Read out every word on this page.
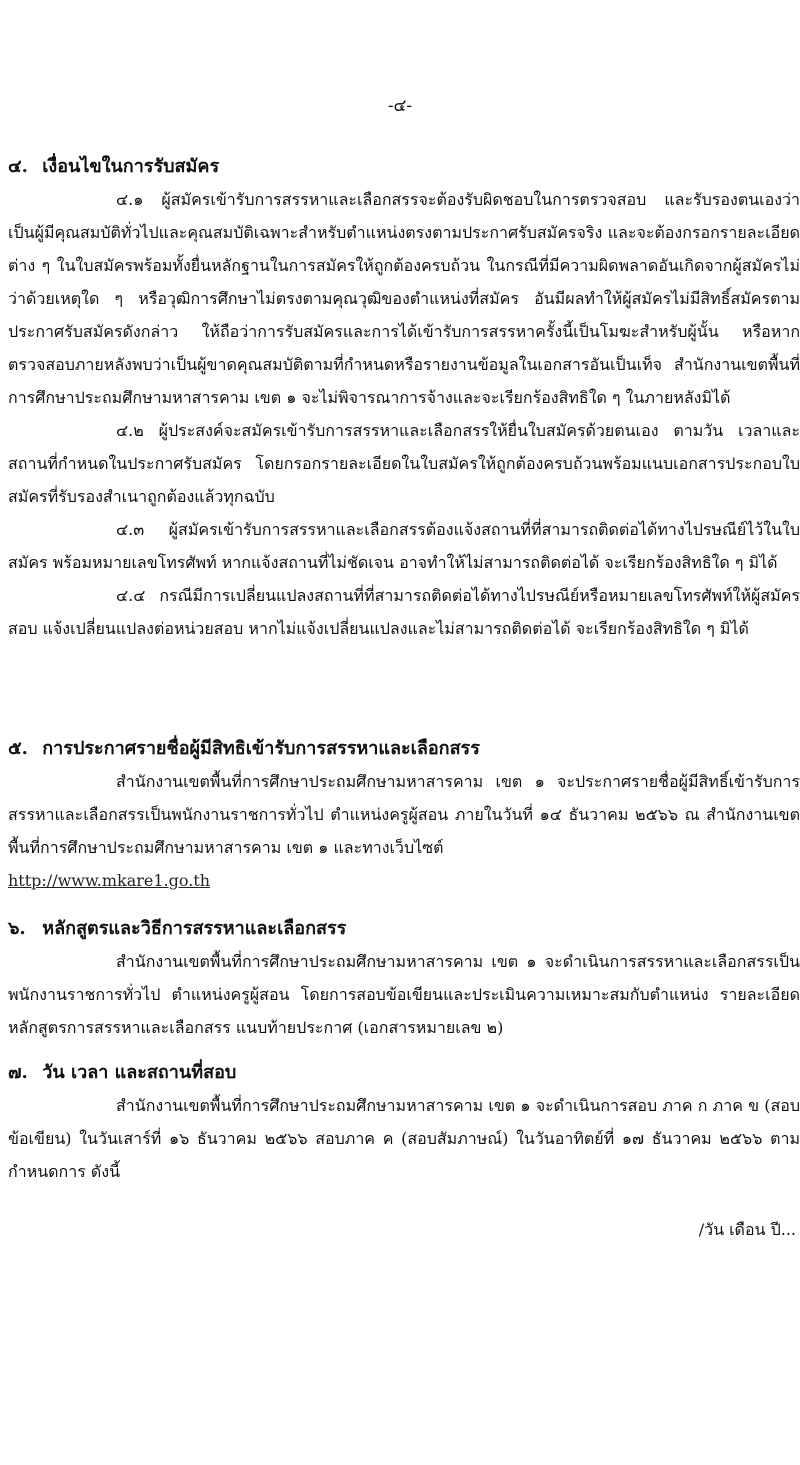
-๔-
๔. เงื่อนไขในการรับสมัคร
๔.๑ ผู้สมัครเข้ารับการสรรหาและเลือกสรรจะต้องรับผิดชอบในการตรวจสอบ และรับรองตนเองว่าเป็นผู้มีคุณสมบัติทั่วไปและคุณสมบัติเฉพาะสำหรับตำแหน่งตรงตามประกาศรับสมัครจริง และจะต้องกรอกรายละเอียดต่าง ๆ ในใบสมัครพร้อมทั้งยื่นหลักฐานในการสมัครให้ถูกต้องครบถ้วน ในกรณีที่มีความผิดพลาดอันเกิดจากผู้สมัครไม่ว่าด้วยเหตุใด ๆ หรือวุฒิการศึกษาไม่ตรงตามคุณวุฒิของตำแหน่งที่สมัคร อันมีผลทำให้ผู้สมัครไม่มีสิทธิ์สมัครตามประกาศรับสมัครดังกล่าว ให้ถือว่าการรับสมัครและการได้เข้ารับการสรรหาครั้งนี้เป็นโมฆะสำหรับผู้นั้น หรือหากตรวจสอบภายหลังพบว่าเป็นผู้ขาดคุณสมบัติตามที่กำหนดหรือรายงานข้อมูลในเอกสารอันเป็นเท็จ สำนักงานเขตพื้นที่การศึกษาประถมศึกษามหาสารคาม เขต ๑ จะไม่พิจารณาการจ้างและจะเรียกร้องสิทธิใด ๆ ในภายหลังมิได้
๔.๒ ผู้ประสงค์จะสมัครเข้ารับการสรรหาและเลือกสรรให้ยื่นใบสมัครด้วยตนเอง ตามวัน เวลาและสถานที่กำหนดในประกาศรับสมัคร โดยกรอกรายละเอียดในใบสมัครให้ถูกต้องครบถ้วนพร้อมแนบเอกสารประกอบใบสมัครที่รับรองสำเนาถูกต้องแล้วทุกฉบับ
๔.๓ ผู้สมัครเข้ารับการสรรหาและเลือกสรรต้องแจ้งสถานที่ที่สามารถติดต่อได้ทางไปรษณีย์ไว้ในใบสมัคร พร้อมหมายเลขโทรศัพท์ หากแจ้งสถานที่ไม่ชัดเจน อาจทำให้ไม่สามารถติดต่อได้ จะเรียกร้องสิทธิใด ๆ มิได้
๔.๔ กรณีมีการเปลี่ยนแปลงสถานที่ที่สามารถติดต่อได้ทางไปรษณีย์หรือหมายเลขโทรศัพท์ให้ผู้สมัครสอบ แจ้งเปลี่ยนแปลงต่อหน่วยสอบ หากไม่แจ้งเปลี่ยนแปลงและไม่สามารถติดต่อได้ จะเรียกร้องสิทธิใด ๆ มิได้
๕. การประกาศรายชื่อผู้มีสิทธิเข้ารับการสรรหาและเลือกสรร
สำนักงานเขตพื้นที่การศึกษาประถมศึกษามหาสารคาม เขต ๑ จะประกาศรายชื่อผู้มีสิทธิ์เข้ารับการสรรหาและเลือกสรรเป็นพนักงานราชการทั่วไป ตำแหน่งครูผู้สอน ภายในวันที่ ๑๔ ธันวาคม ๒๕๖๖ ณ สำนักงานเขตพื้นที่การศึกษาประถมศึกษามหาสารคาม เขต ๑ และทางเว็บไซต์
http://www.mkare1.go.th
๖. หลักสูตรและวิธีการสรรหาและเลือกสรร
สำนักงานเขตพื้นที่การศึกษาประถมศึกษามหาสารคาม เขต ๑ จะดำเนินการสรรหาและเลือกสรรเป็นพนักงานราชการทั่วไป ตำแหน่งครูผู้สอน โดยการสอบข้อเขียนและประเมินความเหมาะสมกับตำแหน่ง รายละเอียดหลักสูตรการสรรหาและเลือกสรร แนบท้ายประกาศ (เอกสารหมายเลข ๒)
๗. วัน เวลา และสถานที่สอบ
สำนักงานเขตพื้นที่การศึกษาประถมศึกษามหาสารคาม เขต ๑ จะดำเนินการสอบ ภาค ก ภาค ข (สอบข้อเขียน) ในวันเสาร์ที่ ๑๖ ธันวาคม ๒๕๖๖ สอบภาค ค (สอบสัมภาษณ์) ในวันอาทิตย์ที่ ๑๗ ธันวาคม ๒๕๖๖ ตามกำหนดการ ดังนี้
/วัน เดือน ปี...
